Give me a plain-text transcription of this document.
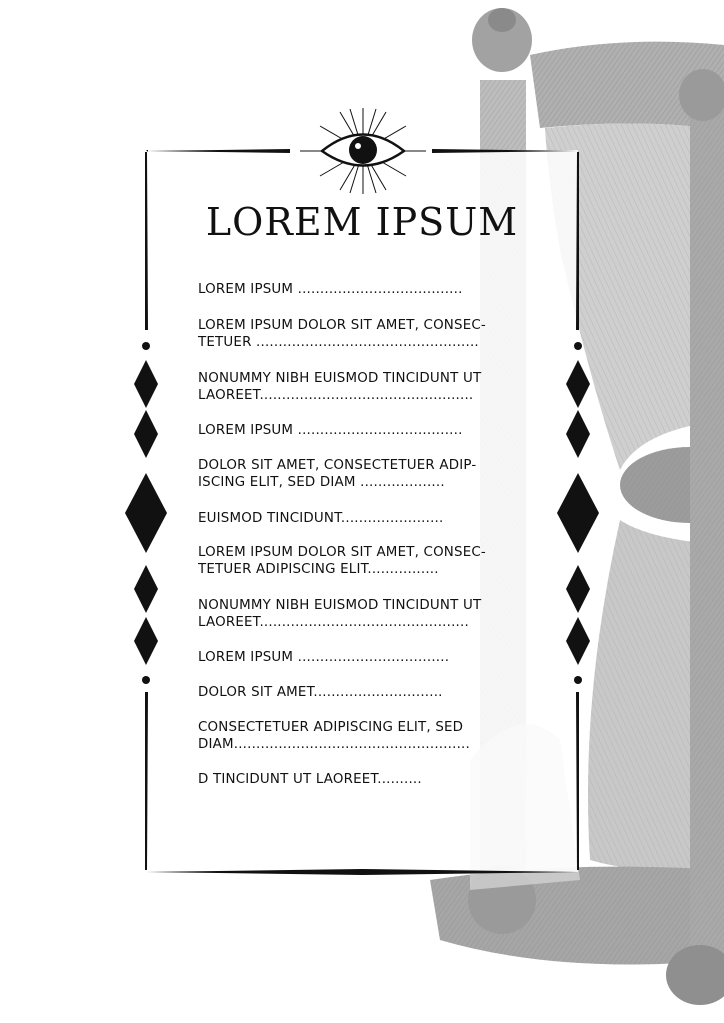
LOREM IPSUM
LOREM IPSUM .....................................
LOREM IPSUM DOLOR SIT AMET, CONSEC-
TETUER ..................................................
NONUMMY NIBH EUISMOD TINCIDUNT UT
LAOREET................................................
LOREM IPSUM .....................................
DOLOR SIT AMET, CONSECTETUER ADIP-
ISCING ELIT, SED DIAM ...................
EUISMOD TINCIDUNT.......................
LOREM IPSUM DOLOR SIT AMET, CONSEC-
TETUER ADIPISCING ELIT................
NONUMMY NIBH EUISMOD TINCIDUNT UT
LAOREET...............................................
LOREM IPSUM ..................................
DOLOR SIT AMET.............................
CONSECTETUER ADIPISCING ELIT, SED
DIAM.....................................................
D TINCIDUNT UT LAOREET..........
